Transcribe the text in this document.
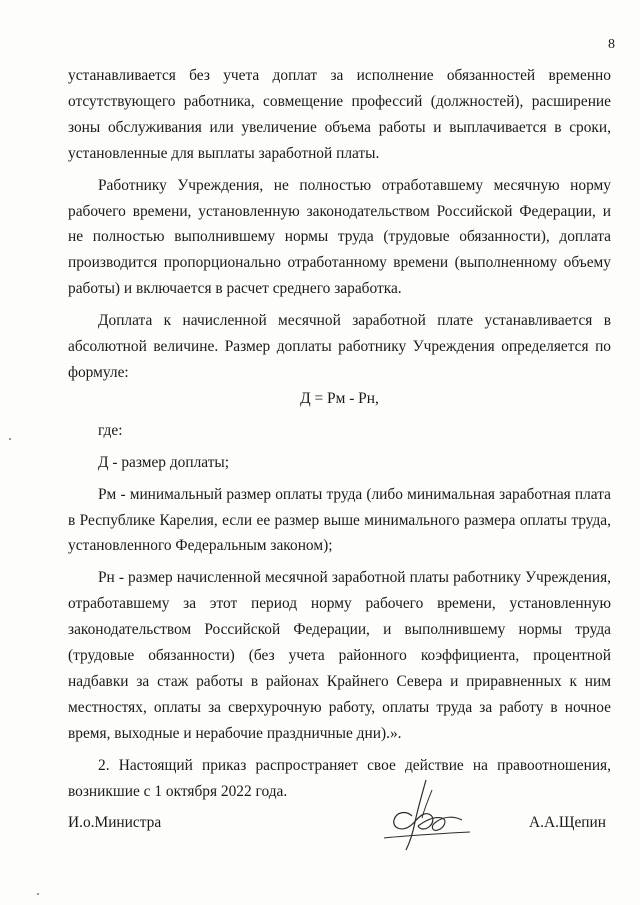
8

устанавливается без учета доплат за исполнение обязанностей временно отсутствующего работника, совмещение профессий (должностей), расширение зоны обслуживания или увеличение объема работы и выплачивается в сроки, установленные для выплаты заработной платы.

Работнику Учреждения, не полностью отработавшему месячную норму рабочего времени, установленную законодательством Российской Федерации, и не полностью выполнившему нормы труда (трудовые обязанности), доплата производится пропорционально отработанному времени (выполненному объему работы) и включается в расчет среднего заработка.

Доплата к начисленной месячной заработной плате устанавливается в абсолютной величине. Размер доплаты работнику Учреждения определяется по формуле:

Д = Рм - Рн,

где:

Д - размер доплаты;

Рм - минимальный размер оплаты труда (либо минимальная заработная плата в Республике Карелия, если ее размер выше минимального размера оплаты труда, установленного Федеральным законом);

Рн - размер начисленной месячной заработной платы работнику Учреждения, отработавшему за этот период норму рабочего времени, установленную законодательством Российской Федерации, и выполнившему нормы труда (трудовые обязанности) (без учета районного коэффициента, процентной надбавки за стаж работы в районах Крайнего Севера и приравненных к ним местностях, оплаты за сверхурочную работу, оплаты труда за работу в ночное время, выходные и нерабочие праздничные дни).».

2. Настоящий приказ распространяет свое действие на правоотношения, возникшие с 1 октября 2022 года.

И.о.Министра	А.А.Щепин
